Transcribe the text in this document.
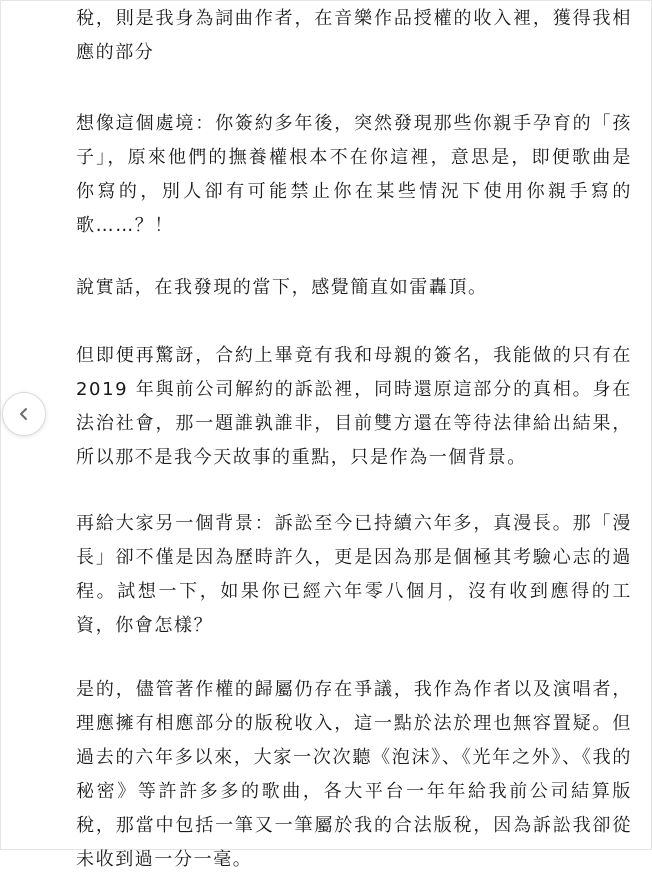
稅，則是我身為詞曲作者，在音樂作品授權的收入裡，獲得我相應的部分

想像這個處境：你簽約多年後，突然發現那些你親手孕育的「孩子」，原來他們的撫養權根本不在你這裡，意思是，即便歌曲是你寫的，別人卻有可能禁止你在某些情況下使用你親手寫的歌……？！

說實話，在我發現的當下，感覺簡直如雷轟頂。

但即便再驚訝，合約上畢竟有我和母親的簽名，我能做的只有在 2019 年與前公司解約的訴訟裡，同時還原這部分的真相。身在法治社會，那一題誰孰誰非，目前雙方還在等待法律給出結果，所以那不是我今天故事的重點，只是作為一個背景。

再給大家另一個背景：訴訟至今已持續六年多，真漫長。那「漫長」卻不僅是因為歷時許久，更是因為那是個極其考驗心志的過程。試想一下，如果你已經六年零八個月，沒有收到應得的工資，你會怎樣？

是的，儘管著作權的歸屬仍存在爭議，我作為作者以及演唱者，理應擁有相應部分的版稅收入，這一點於法於理也無容置疑。但過去的六年多以來，大家一次次聽《泡沫》、《光年之外》、《我的秘密》等許許多多的歌曲，各大平台一年年給我前公司結算版稅，那當中包括一筆又一筆屬於我的合法版稅，因為訴訟我卻從未收到過一分一毫。
